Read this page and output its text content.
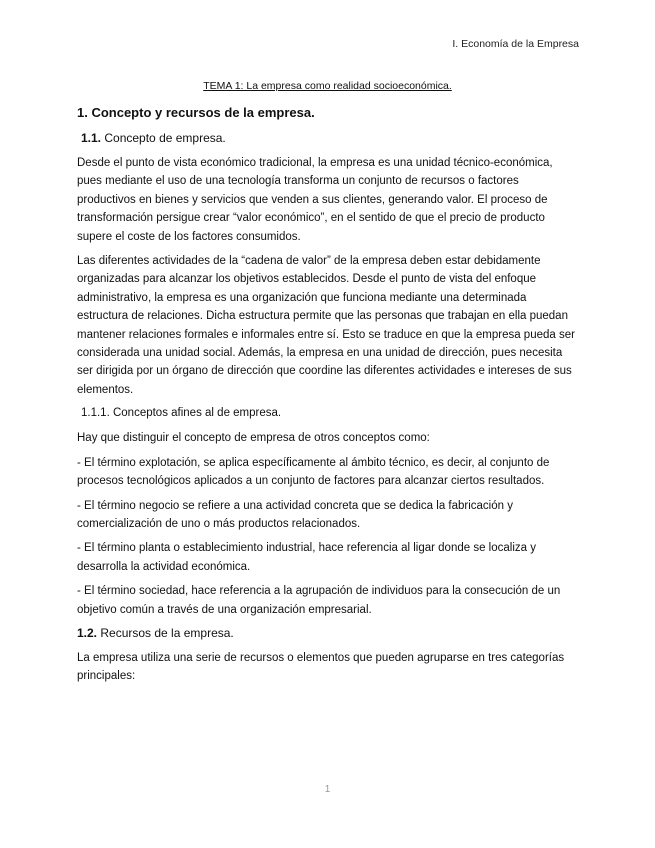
I. Economía de la Empresa
TEMA 1: La empresa como realidad socioeconómica.
1. Concepto y recursos de la empresa.
1.1. Concepto de empresa.
Desde el punto de vista económico tradicional, la empresa es una unidad técnico-económica, pues mediante el uso de una tecnología transforma un conjunto de recursos o factores productivos en bienes y servicios que venden a sus clientes, generando valor. El proceso de transformación persigue crear “valor económico”, en el sentido de que el precio de producto supere el coste de los factores consumidos.
Las diferentes actividades de la “cadena de valor” de la empresa deben estar debidamente organizadas para alcanzar los objetivos establecidos. Desde el punto de vista del enfoque administrativo, la empresa es una organización que funciona mediante una determinada estructura de relaciones. Dicha estructura permite que las personas que trabajan en ella puedan mantener relaciones formales e informales entre sí. Esto se traduce en que la empresa pueda ser considerada una unidad social. Además, la empresa en una unidad de dirección, pues necesita ser dirigida por un órgano de dirección que coordine las diferentes actividades e intereses de sus elementos.
1.1.1. Conceptos afines al de empresa.
Hay que distinguir el concepto de empresa de otros conceptos como:
- El término explotación, se aplica específicamente al ámbito técnico, es decir, al conjunto de procesos tecnológicos aplicados a un conjunto de factores para alcanzar ciertos resultados.
- El término negocio se refiere a una actividad concreta que se dedica la fabricación y comercialización de uno o más productos relacionados.
- El término planta o establecimiento industrial, hace referencia al ligar donde se localiza y desarrolla la actividad económica.
- El término sociedad, hace referencia a la agrupación de individuos para la consecución de un objetivo común a través de una organización empresarial.
1.2. Recursos de la empresa.
La empresa utiliza una serie de recursos o elementos que pueden agruparse en tres categorías principales:
1
